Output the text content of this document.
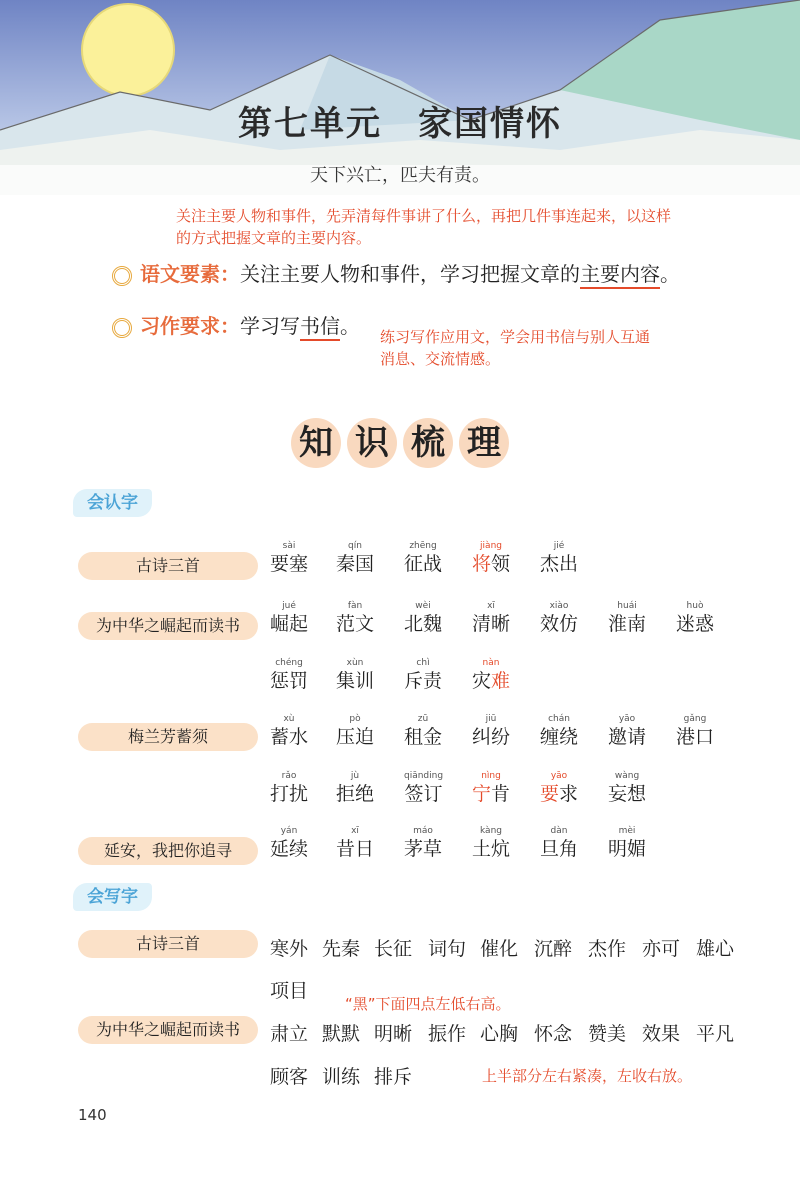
第七单元　家国情怀
天下兴亡，匹夫有责。
关注主要人物和事件，先弄清每件事讲了什么，再把几件事连起来，以这样的方式把握文章的主要内容。
语文要素：关注主要人物和事件，学习把握文章的主要内容。
习作要求：学习写书信。 练习写作应用文，学会用书信与别人互通消息、交流情感。
知 识 梳 理
会认字
古诗三首
为中华之崛起而读书
梅兰芳蓄须
延安，我把你追寻
sài
要塞
qín
秦国
zhēng
征战
jiàng
将领
jié
杰出
jué
崛起
fàn
范文
wèi
北魏
xī
清晰
xiào
效仿
huái
淮南
huò
迷惑
chéng
惩罚
xùn
集训
chì
斥责
nàn
灾难
xù
蓄水
pò
压迫
zū
租金
jiū
纠纷
chán
缠绕
yāo
邀请
gǎng
港口
rǎo
打扰
jù
拒绝
qiānding
签订
nìng
宁肯
yāo
要求
wàng
妄想
yán
延续
xī
昔日
máo
茅草
kàng
土炕
dàn
旦角
mèi
明媚
会写字
古诗三首
为中华之崛起而读书
寒外 先秦 长征 词句 催化 沉醉 杰作 亦可 雄心
项目
肃立 默默 明晰 振作 心胸 怀念 赞美 效果 平凡
顾客 训练 排斥
“黑”下面四点左低右高。
上半部分左右紧凑，左收右放。
140
